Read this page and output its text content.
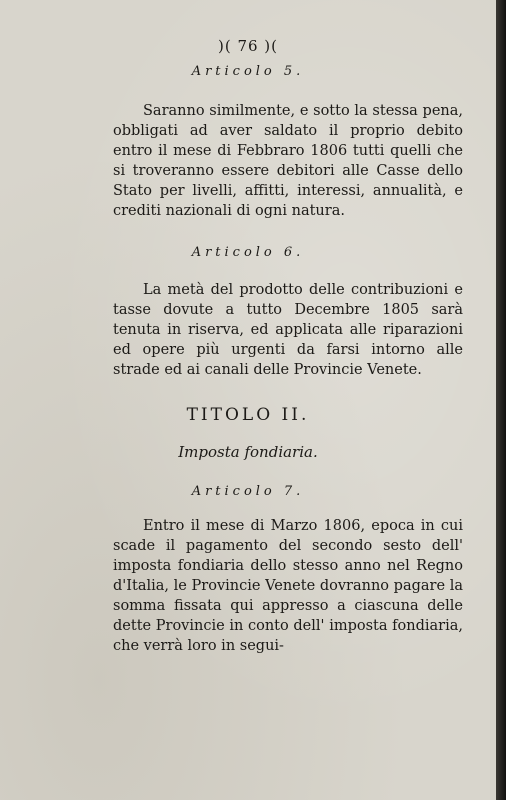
)( 76 )(
Articolo 5.
Saranno similmente, e sotto la stessa pena, obbligati ad aver saldato il proprio debito entro il mese di Febbraro 1806 tutti quelli che si troveranno essere debitori alle Casse dello Stato per livelli, affitti, interessi, annualità, e crediti nazionali di ogni natura.
Articolo 6.
La metà del prodotto delle contribuzioni e tasse dovute a tutto Decembre 1805 sarà tenuta in riserva, ed applicata alle riparazioni ed opere più urgenti da farsi intorno alle strade ed ai canali delle Provincie Venete.
TITOLO II.
Imposta fondiaria.
Articolo 7.
Entro il mese di Marzo 1806, epoca in cui scade il pagamento del secondo sesto dell' imposta fondiaria dello stesso anno nel Regno d'Italia, le Provincie Venete dovranno pagare la somma fissata qui appresso a ciascuna delle dette Provincie in conto dell' imposta fondiaria, che verrà loro in segui-
